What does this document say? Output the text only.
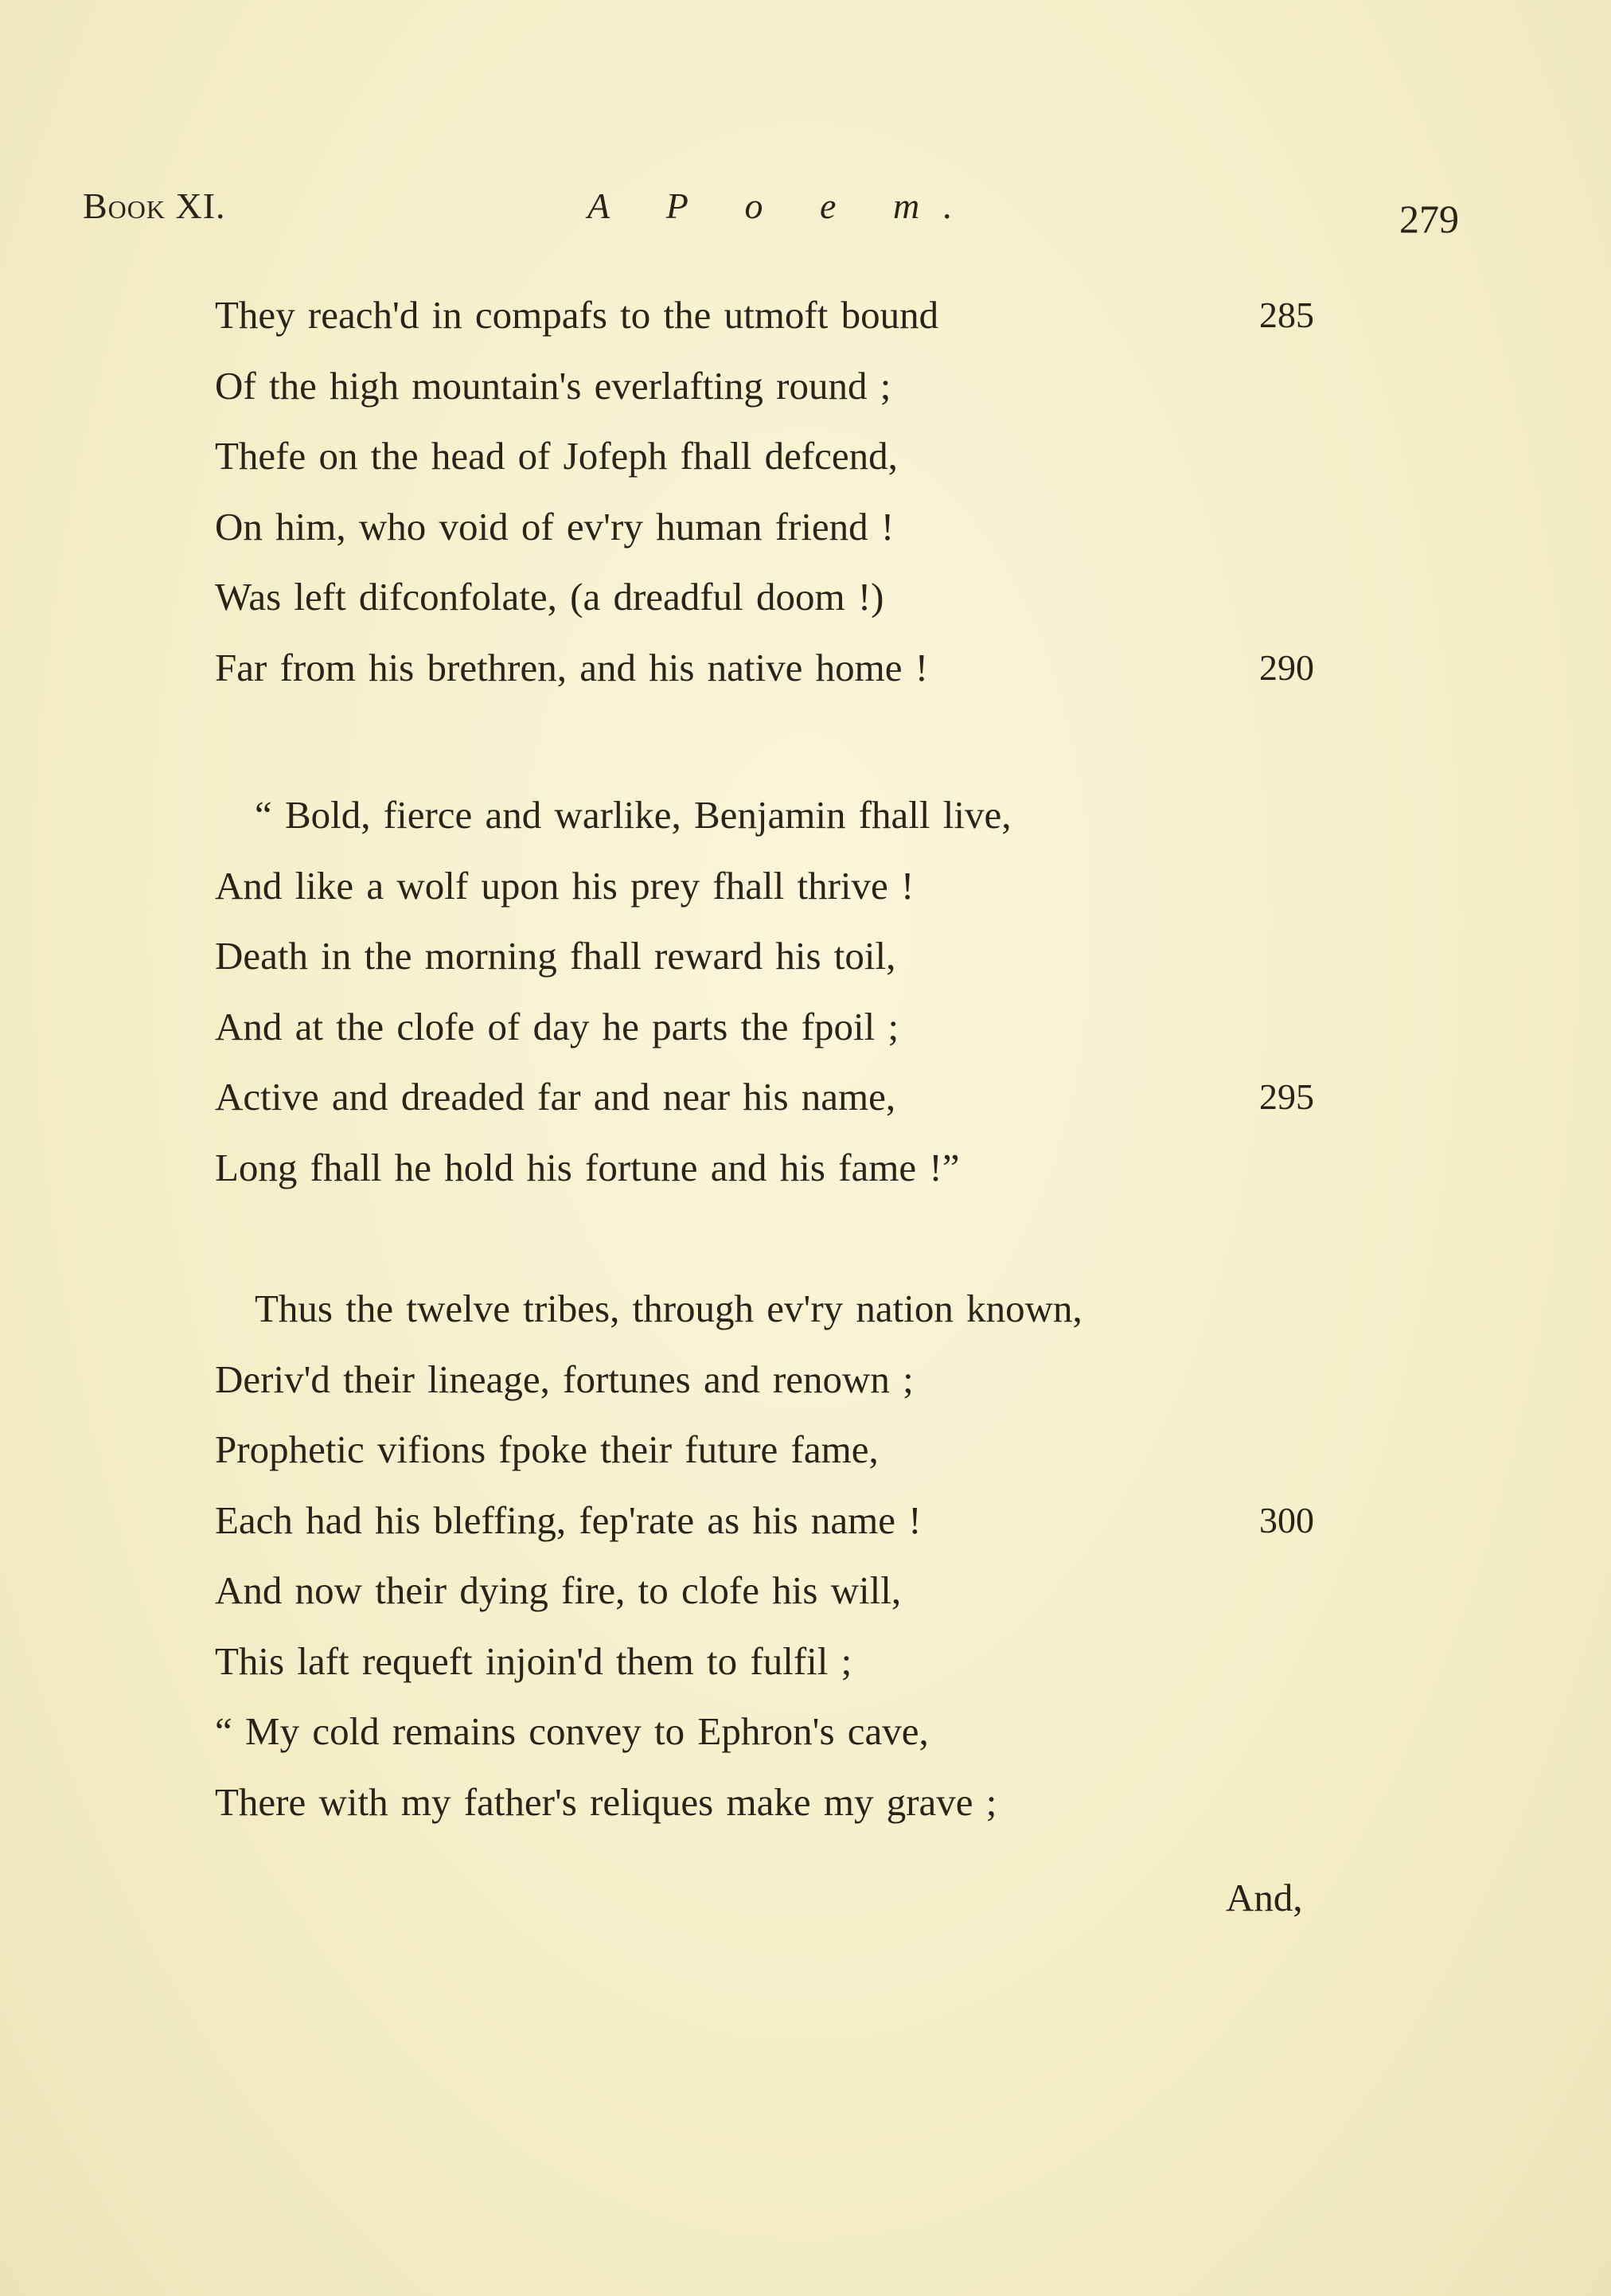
Book XI.	A P o e m.	279
They reach'd in compafs to the utmoft bound	285
Of the high mountain's everlafting round ;
Thefe on the head of Jofeph fhall defcend,
On him, who void of ev'ry human friend !
Was left difconfolate, (a dreadful doom !)
Far from his brethren, and his native home !	290
“ Bold, fierce and warlike, Benjamin fhall live,
And like a wolf upon his prey fhall thrive !
Death in the morning fhall reward his toil,
And at the clofe of day he parts the fpoil ;
Active and dreaded far and near his name,	295
Long fhall he hold his fortune and his fame !”
Thus the twelve tribes, through ev'ry nation known,
Deriv'd their lineage, fortunes and renown ;
Prophetic vifions fpoke their future fame,
Each had his bleffing, fep'rate as his name !	300
And now their dying fire, to clofe his will,
This laft requeft injoin'd them to fulfil ;
“ My cold remains convey to Ephron's cave,
There with my father's reliques make my grave ;
And,
